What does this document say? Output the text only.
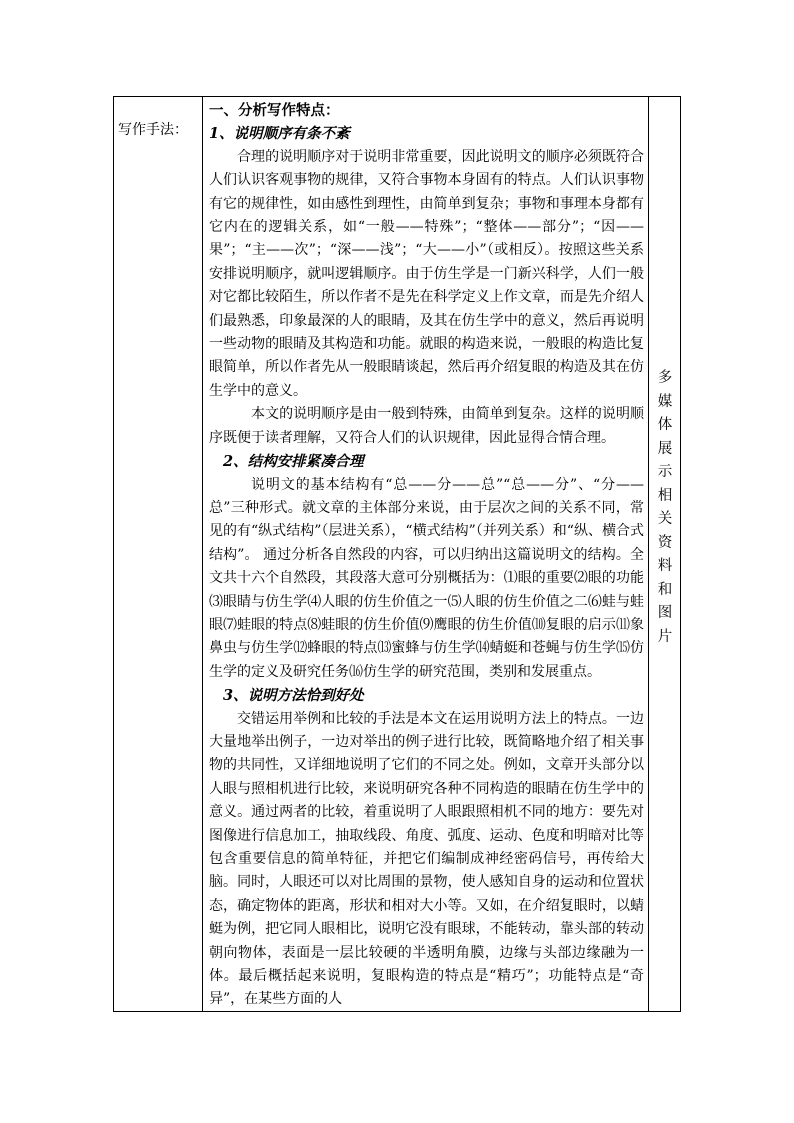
写作手法：

一、分析写作特点：

1、说明顺序有条不紊

合理的说明顺序对于说明非常重要，因此说明文的顺序必须既符合人们认识客观事物的规律，又符合事物本身固有的特点。人们认识事物有它的规律性，如由感性到理性，由简单到复杂；事物和事理本身都有它内在的逻辑关系，如“一般——特殊”；“整体——部分”；“因——果”；“主——次”；“深——浅”；“大——小”（或相反）。按照这些关系安排说明顺序，就叫逻辑顺序。由于仿生学是一门新兴科学，人们一般对它都比较陌生，所以作者不是先在科学定义上作文章，而是先介绍人们最熟悉，印象最深的人的眼睛，及其在仿生学中的意义，然后再说明一些动物的眼睛及其构造和功能。就眼的构造来说，一般眼的构造比复眼简单，所以作者先从一般眼睛谈起，然后再介绍复眼的构造及其在仿生学中的意义。

本文的说明顺序是由一般到特殊，由简单到复杂。这样的说明顺序既便于读者理解，又符合人们的认识规律，因此显得合情合理。

2、结构安排紧凑合理

说明文的基本结构有“总——分——总”“总——分”、“分——总”三种形式。就文章的主体部分来说，由于层次之间的关系不同，常见的有“纵式结构”（层进关系），“横式结构”（并列关系）和“纵、横合式结构”。 通过分析各自然段的内容，可以归纳出这篇说明文的结构。全文共十六个自然段，其段落大意可分别概括为：⑴眼的重要⑵眼的功能⑶眼睛与仿生学⑷人眼的仿生价值之一⑸人眼的仿生价值之二⑹蛙与蛙眼⑺蛙眼的特点⑻蛙眼的仿生价值⑼鹰眼的仿生价值⑽复眼的启示⑾象鼻虫与仿生学⑿蜂眼的特点⒀蜜蜂与仿生学⒁蜻蜓和苍蝇与仿生学⒂仿生学的定义及研究任务⒃仿生学的研究范围，类别和发展重点。

3、说明方法恰到好处

交错运用举例和比较的手法是本文在运用说明方法上的特点。一边大量地举出例子，一边对举出的例子进行比较，既简略地介绍了相关事物的共同性，又详细地说明了它们的不同之处。例如，文章开头部分以人眼与照相机进行比较，来说明研究各种不同构造的眼睛在仿生学中的意义。通过两者的比较，着重说明了人眼跟照相机不同的地方：要先对图像进行信息加工，抽取线段、角度、弧度、运动、色度和明暗对比等包含重要信息的简单特征，并把它们编制成神经密码信号，再传给大脑。同时，人眼还可以对比周围的景物，使人感知自身的运动和位置状态，确定物体的距离，形状和相对大小等。又如，在介绍复眼时，以蜻蜓为例，把它同人眼相比，说明它没有眼球，不能转动，靠头部的转动朝向物体，表面是一层比较硬的半透明角膜，边缘与头部边缘融为一体。最后概括起来说明，复眼构造的特点是“精巧”；功能特点是“奇异”，在某些方面的人

多
媒
体
展
示
相
关
资
料
和
图
片
